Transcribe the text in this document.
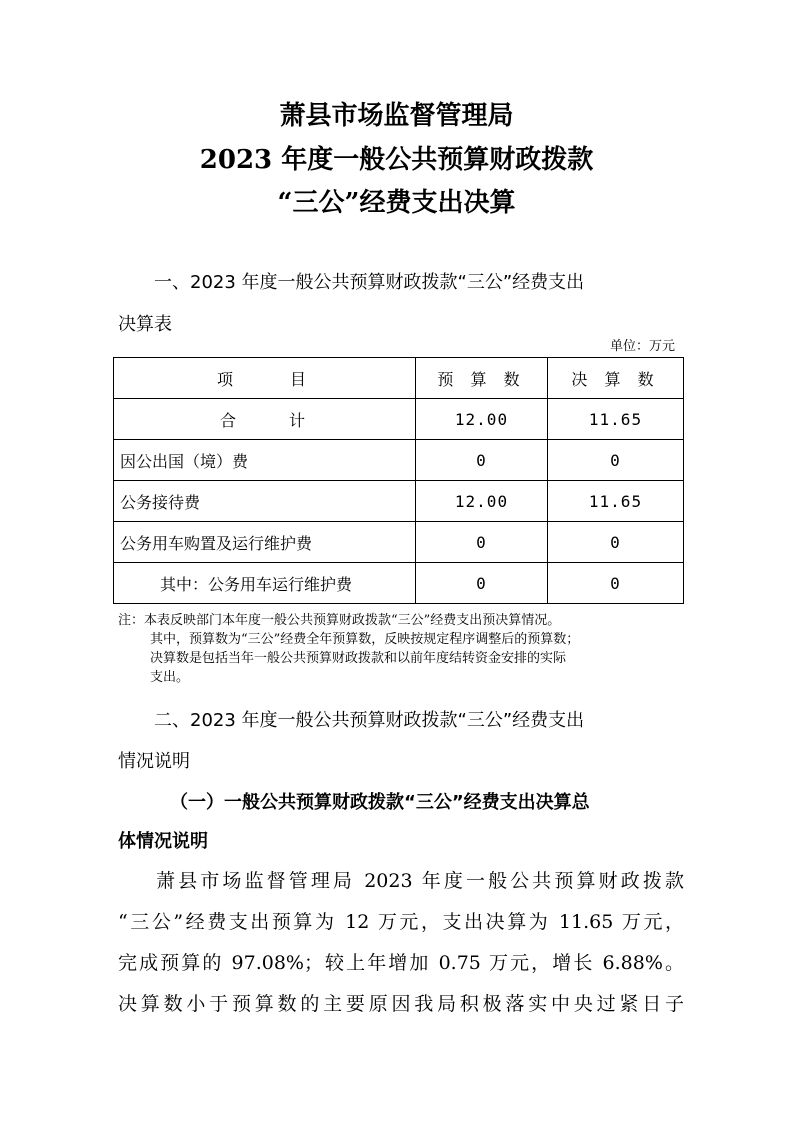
萧县市场监督管理局
2023 年度一般公共预算财政拨款
“三公”经费支出决算
一、2023 年度一般公共预算财政拨款“三公”经费支出
决算表
单位：万元
项 目	预 算 数	决 算 数
合 计	12.00	11.65
因公出国（境）费	0	0
公务接待费	12.00	11.65
公务用车购置及运行维护费	0	0
其中：公务用车运行维护费	0	0
注：本表反映部门本年度一般公共预算财政拨款“三公”经费支出预决算情况。
其中，预算数为“三公”经费全年预算数，反映按规定程序调整后的预算数；
决算数是包括当年一般公共预算财政拨款和以前年度结转资金安排的实际
支出。
二、2023 年度一般公共预算财政拨款“三公”经费支出
情况说明
（一）一般公共预算财政拨款“三公”经费支出决算总
体情况说明

萧县市场监督管理局 2023 年度一般公共预算财政拨款

“三公”经费支出预算为 12 万元，支出决算为 11.65 万元，

完成预算的 97.08%；较上年增加 0.75 万元，增长 6.88%。

决算数小于预算数的主要原因我局积极落实中央过紧日子
